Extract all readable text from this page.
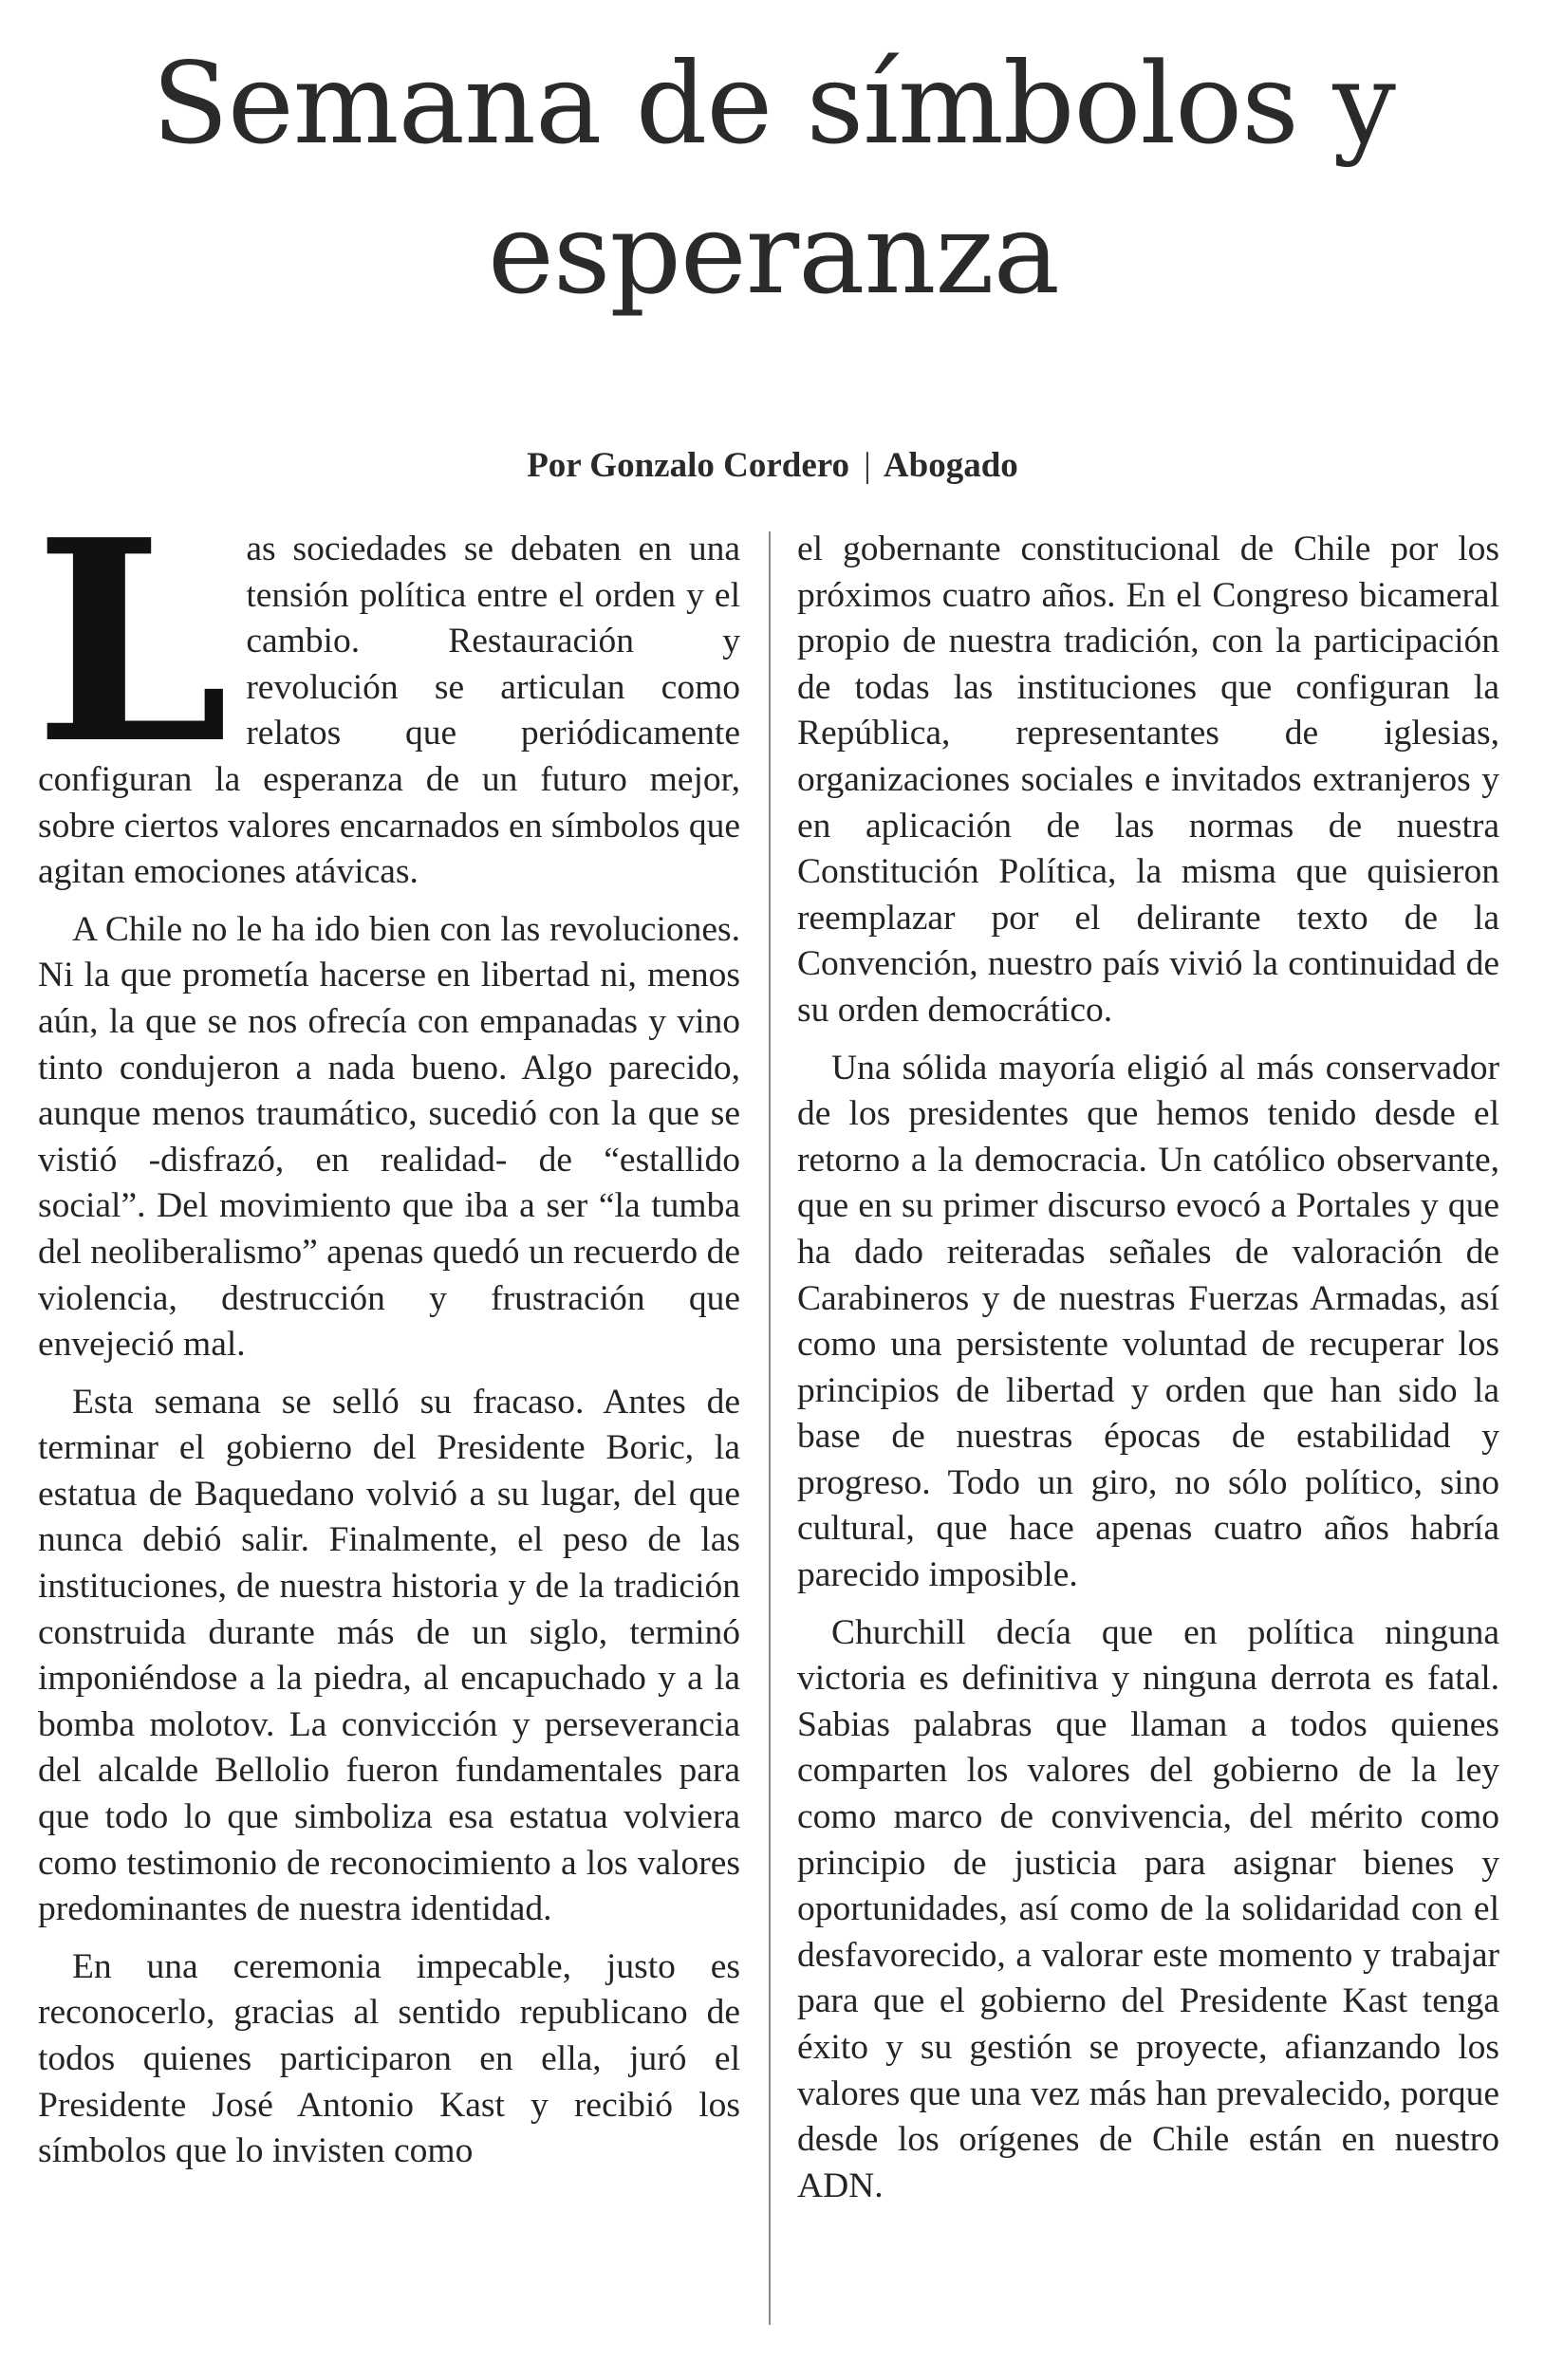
Semana de símbolos y esperanza
Por Gonzalo Cordero | Abogado

Las sociedades se debaten en una tensión política entre el orden y el cambio. Restauración y revolución se articulan como relatos que periódicamente configuran la esperanza de un futuro mejor, sobre ciertos valores encarnados en símbolos que agitan emociones atávicas.

A Chile no le ha ido bien con las revoluciones. Ni la que prometía hacerse en libertad ni, menos aún, la que se nos ofrecía con empanadas y vino tinto condujeron a nada bueno. Algo parecido, aunque menos traumático, sucedió con la que se vistió -disfrazó, en realidad- de “estallido social”. Del movimiento que iba a ser “la tumba del neoliberalismo” apenas quedó un recuerdo de violencia, destrucción y frustración que envejeció mal.

Esta semana se selló su fracaso. Antes de terminar el gobierno del Presidente Boric, la estatua de Baquedano volvió a su lugar, del que nunca debió salir. Finalmente, el peso de las instituciones, de nuestra historia y de la tradición construida durante más de un siglo, terminó imponiéndose a la piedra, al encapuchado y a la bomba molotov. La convicción y perseverancia del alcalde Bellolio fueron fundamentales para que todo lo que simboliza esa estatua volviera como testimonio de reconocimiento a los valores predominantes de nuestra identidad.

En una ceremonia impecable, justo es reconocerlo, gracias al sentido republicano de todos quienes participaron en ella, juró el Presidente José Antonio Kast y recibió los símbolos que lo invisten como

el gobernante constitucional de Chile por los próximos cuatro años. En el Congreso bicameral propio de nuestra tradición, con la participación de todas las instituciones que configuran la República, representantes de iglesias, organizaciones sociales e invitados extranjeros y en aplicación de las normas de nuestra Constitución Política, la misma que quisieron reemplazar por el delirante texto de la Convención, nuestro país vivió la continuidad de su orden democrático.

Una sólida mayoría eligió al más conservador de los presidentes que hemos tenido desde el retorno a la democracia. Un católico observante, que en su primer discurso evocó a Portales y que ha dado reiteradas señales de valoración de Carabineros y de nuestras Fuerzas Armadas, así como una persistente voluntad de recuperar los principios de libertad y orden que han sido la base de nuestras épocas de estabilidad y progreso. Todo un giro, no sólo político, sino cultural, que hace apenas cuatro años habría parecido imposible.

Churchill decía que en política ninguna victoria es definitiva y ninguna derrota es fatal. Sabias palabras que llaman a todos quienes comparten los valores del gobierno de la ley como marco de convivencia, del mérito como principio de justicia para asignar bienes y oportunidades, así como de la solidaridad con el desfavorecido, a valorar este momento y trabajar para que el gobierno del Presidente Kast tenga éxito y su gestión se proyecte, afianzando los valores que una vez más han prevalecido, porque desde los orígenes de Chile están en nuestro ADN.
